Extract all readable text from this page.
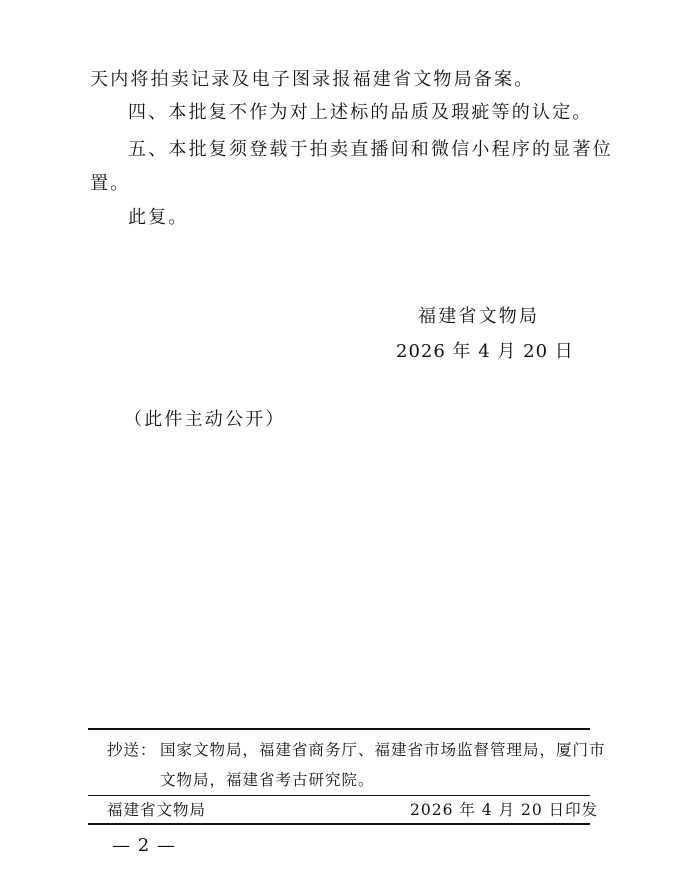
天内将拍卖记录及电子图录报福建省文物局备案。
四、本批复不作为对上述标的品质及瑕疵等的认定。
五、本批复须登载于拍卖直播间和微信小程序的显著位
置。
此复。
福建省文物局
2026 年 4 月 20 日
（此件主动公开）
抄送： 国家文物局，福建省商务厅、福建省市场监督管理局，厦门市
文物局，福建省考古研究院。
福建省文物局	2026 年 4 月 20 日印发
— 2 —
